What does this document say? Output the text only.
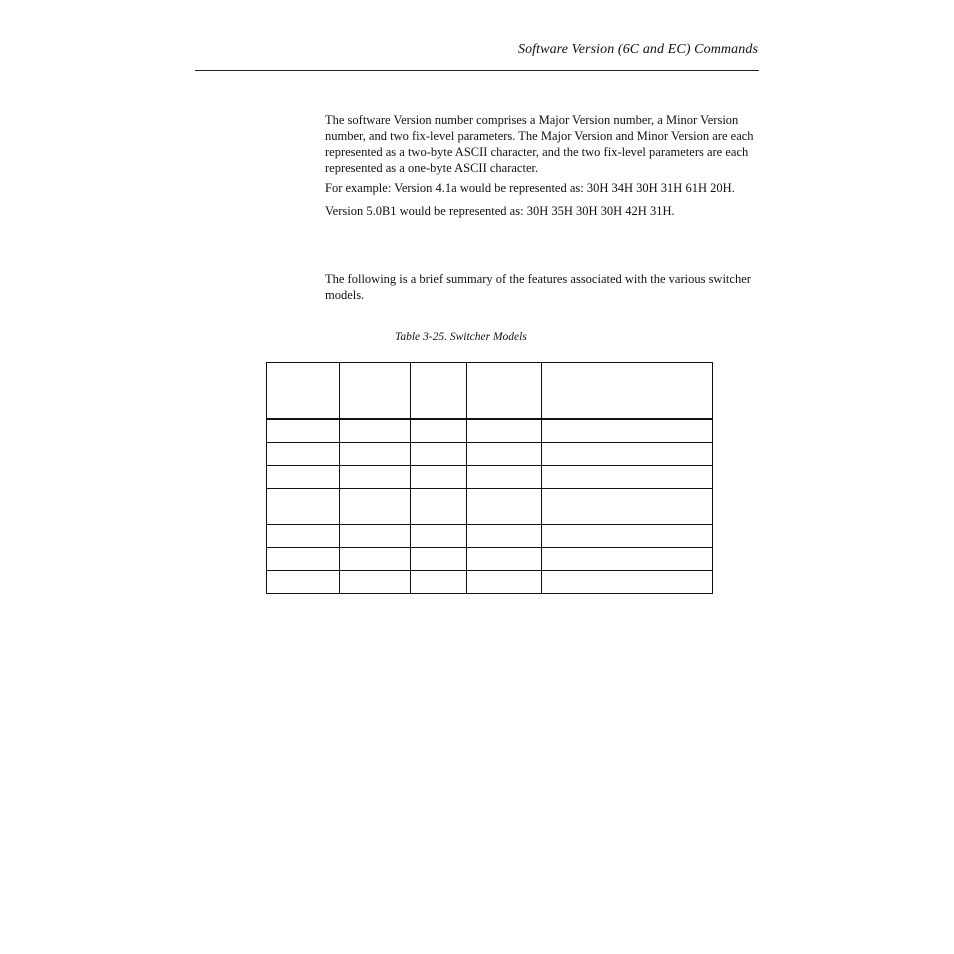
Software Version (6C and EC) Commands

The software Version number comprises a Major Version number, a Minor Version number, and two fix-level parameters. The Major Version and Minor Version are each represented as a two-byte ASCII character, and the two fix-level parameters are each represented as a one-byte ASCII character.

For example: Version 4.1a would be represented as: 30H 34H 30H 31H 61H 20H.

Version 5.0B1 would be represented as: 30H 35H 30H 30H 42H 31H.

The following is a brief summary of the features associated with the various switcher models.

Table 3-25. Switcher Models
